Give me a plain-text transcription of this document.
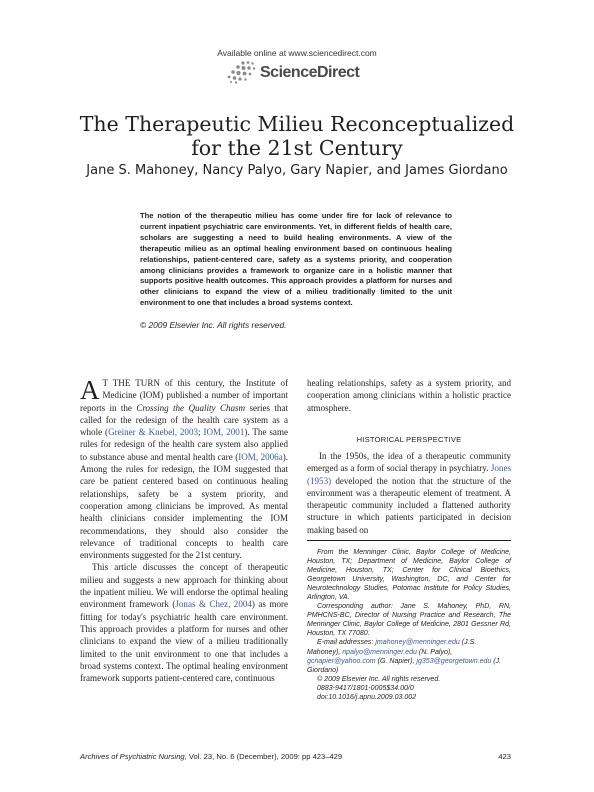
Available online at www.sciencedirect.com
ScienceDirect
The Therapeutic Milieu Reconceptualized
for the 21st Century
Jane S. Mahoney, Nancy Palyo, Gary Napier, and James Giordano
The notion of the therapeutic milieu has come under fire for lack of relevance to current inpatient psychiatric care environments. Yet, in different fields of health care, scholars are suggesting a need to build healing environments. A view of the therapeutic milieu as an optimal healing environment based on continuous healing relationships, patient-centered care, safety as a systems priority, and cooperation among clinicians provides a framework to organize care in a holistic manner that supports positive health outcomes. This approach provides a platform for nurses and other clinicians to expand the view of a milieu traditionally limited to the unit environment to one that includes a broad systems context.
© 2009 Elsevier Inc. All rights reserved.

A T THE TURN of this century, the Institute of Medicine (IOM) published a number of important reports in the Crossing the Quality Chasm series that called for the redesign of the health care system as a whole (Greiner & Knebel, 2003; IOM, 2001). The same rules for redesign of the health care system also applied to substance abuse and mental health care (IOM, 2006a). Among the rules for redesign, the IOM suggested that care be patient centered based on continuous healing relationships, safety be a system priority, and cooperation among clinicians be improved. As mental health clinicians consider implementing the IOM recommendations, they should also consider the relevance of traditional concepts to health care environments suggested for the 21st century.

This article discusses the concept of therapeutic milieu and suggests a new approach for thinking about the inpatient milieu. We will endorse the optimal healing environment framework (Jonas & Chez, 2004) as more fitting for today's psychiatric health care environment. This approach provides a platform for nurses and other clinicians to expand the view of a milieu traditionally limited to the unit environment to one that includes a broad systems context. The optimal healing environment framework supports patient-centered care, continuous

healing relationships, safety as a system priority, and cooperation among clinicians within a holistic practice atmosphere.

HISTORICAL PERSPECTIVE

In the 1950s, the idea of a therapeutic community emerged as a form of social therapy in psychiatry. Jones (1953) developed the notion that the structure of the environment was a therapeutic element of treatment. A therapeutic community included a flattened authority structure in which patients participated in decision making based on

From the Menninger Clinic, Baylor College of Medicine, Houston, TX; Department of Medicine, Baylor College of Medicine, Houston, TX; Center for Clinical Bioethics, Georgetown University, Washington, DC, and Center for Neurotechnology Studies, Potomac Institute for Policy Studies, Arlington, VA.

Corresponding author: Jane S. Mahoney, PhD, RN, PMHCNS-BC, Director of Nursing Practice and Research, The Menninger Clinic, Baylor College of Medicine, 2801 Gessner Rd, Houston, TX 77080.

E-mail addresses: jmahoney@menninger.edu (J.S. Mahoney), npalyo@menninger.edu (N. Palyo), gcnapier@yahoo.com (G. Napier), jg353@georgetown.edu (J. Giordano)

© 2009 Elsevier Inc. All rights reserved.

0883-9417/1801-0005$34.00/0

doi:10.1016/j.apnu.2009.03.002

Archives of Psychiatric Nursing, Vol. 23, No. 6 (December), 2009: pp 423–429	423
